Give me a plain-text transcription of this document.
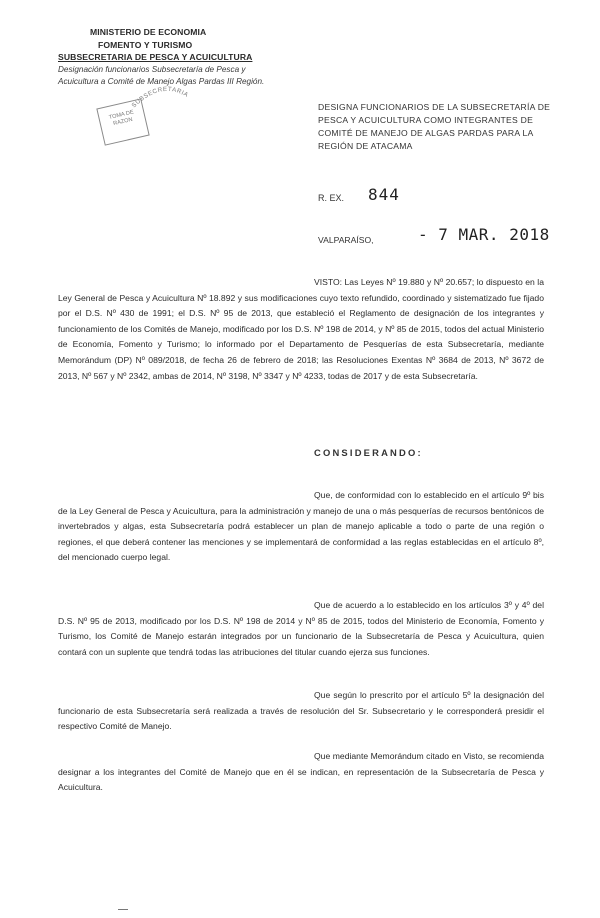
MINISTERIO DE ECONOMIA
FOMENTO Y TURISMO
SUBSECRETARIA DE PESCA Y ACUICULTURA
Designación funcionarios Subsecretaría de Pesca y
Acuicultura a Comité de Manejo Algas Pardas III Región.
SUBSECRETARIA
TOMA DE RAZON
DESIGNA FUNCIONARIOS DE LA SUBSECRETARÍA DE PESCA Y ACUICULTURA COMO INTEGRANTES DE COMITÉ DE MANEJO DE ALGAS PARDAS PARA LA REGIÓN DE ATACAMA
R. EX. 844
VALPARAÍSO,	- 7 MAR. 2018
VISTO: Las Leyes Nº 19.880 y Nº 20.657; lo dispuesto en la Ley General de Pesca y Acuicultura Nº 18.892 y sus modificaciones cuyo texto refundido, coordinado y sistematizado fue fijado por el D.S. Nº 430 de 1991; el D.S. Nº 95 de 2013, que estableció el Reglamento de designación de los integrantes y funcionamiento de los Comités de Manejo, modificado por los D.S. Nº 198 de 2014, y Nº 85 de 2015, todos del actual Ministerio de Economía, Fomento y Turismo; lo informado por el Departamento de Pesquerías de esta Subsecretaría, mediante Memorándum (DP) Nº 089/2018, de fecha 26 de febrero de 2018; las Resoluciones Exentas Nº 3684 de 2013, Nº 3672 de 2013, Nº 567 y Nº 2342, ambas de 2014, Nº 3198, Nº 3347 y Nº 4233, todas de 2017 y de esta Subsecretaría.
CONSIDERANDO:
Que, de conformidad con lo establecido en el artículo 9º bis de la Ley General de Pesca y Acuicultura, para la administración y manejo de una o más pesquerías de recursos bentónicos de invertebrados y algas, esta Subsecretaría podrá establecer un plan de manejo aplicable a todo o parte de una región o regiones, el que deberá contener las menciones y se implementará de conformidad a las reglas establecidas en el artículo 8º, del mencionado cuerpo legal.
Que de acuerdo a lo establecido en los artículos 3º y 4º del D.S. Nº 95 de 2013, modificado por los D.S. Nº 198 de 2014 y Nº 85 de 2015, todos del Ministerio de Economía, Fomento y Turismo, los Comité de Manejo estarán integrados por un funcionario de la Subsecretaría de Pesca y Acuicultura, quien contará con un suplente que tendrá todas las atribuciones del titular cuando ejerza sus funciones.
Que según lo prescrito por el artículo 5º la designación del funcionario de esta Subsecretaría será realizada a través de resolución del Sr. Subsecretario y le corresponderá presidir el respectivo Comité de Manejo.
Que mediante Memorándum citado en Visto, se recomienda designar a los integrantes del Comité de Manejo que en él se indican, en representación de la Subsecretaría de Pesca y Acuicultura.
